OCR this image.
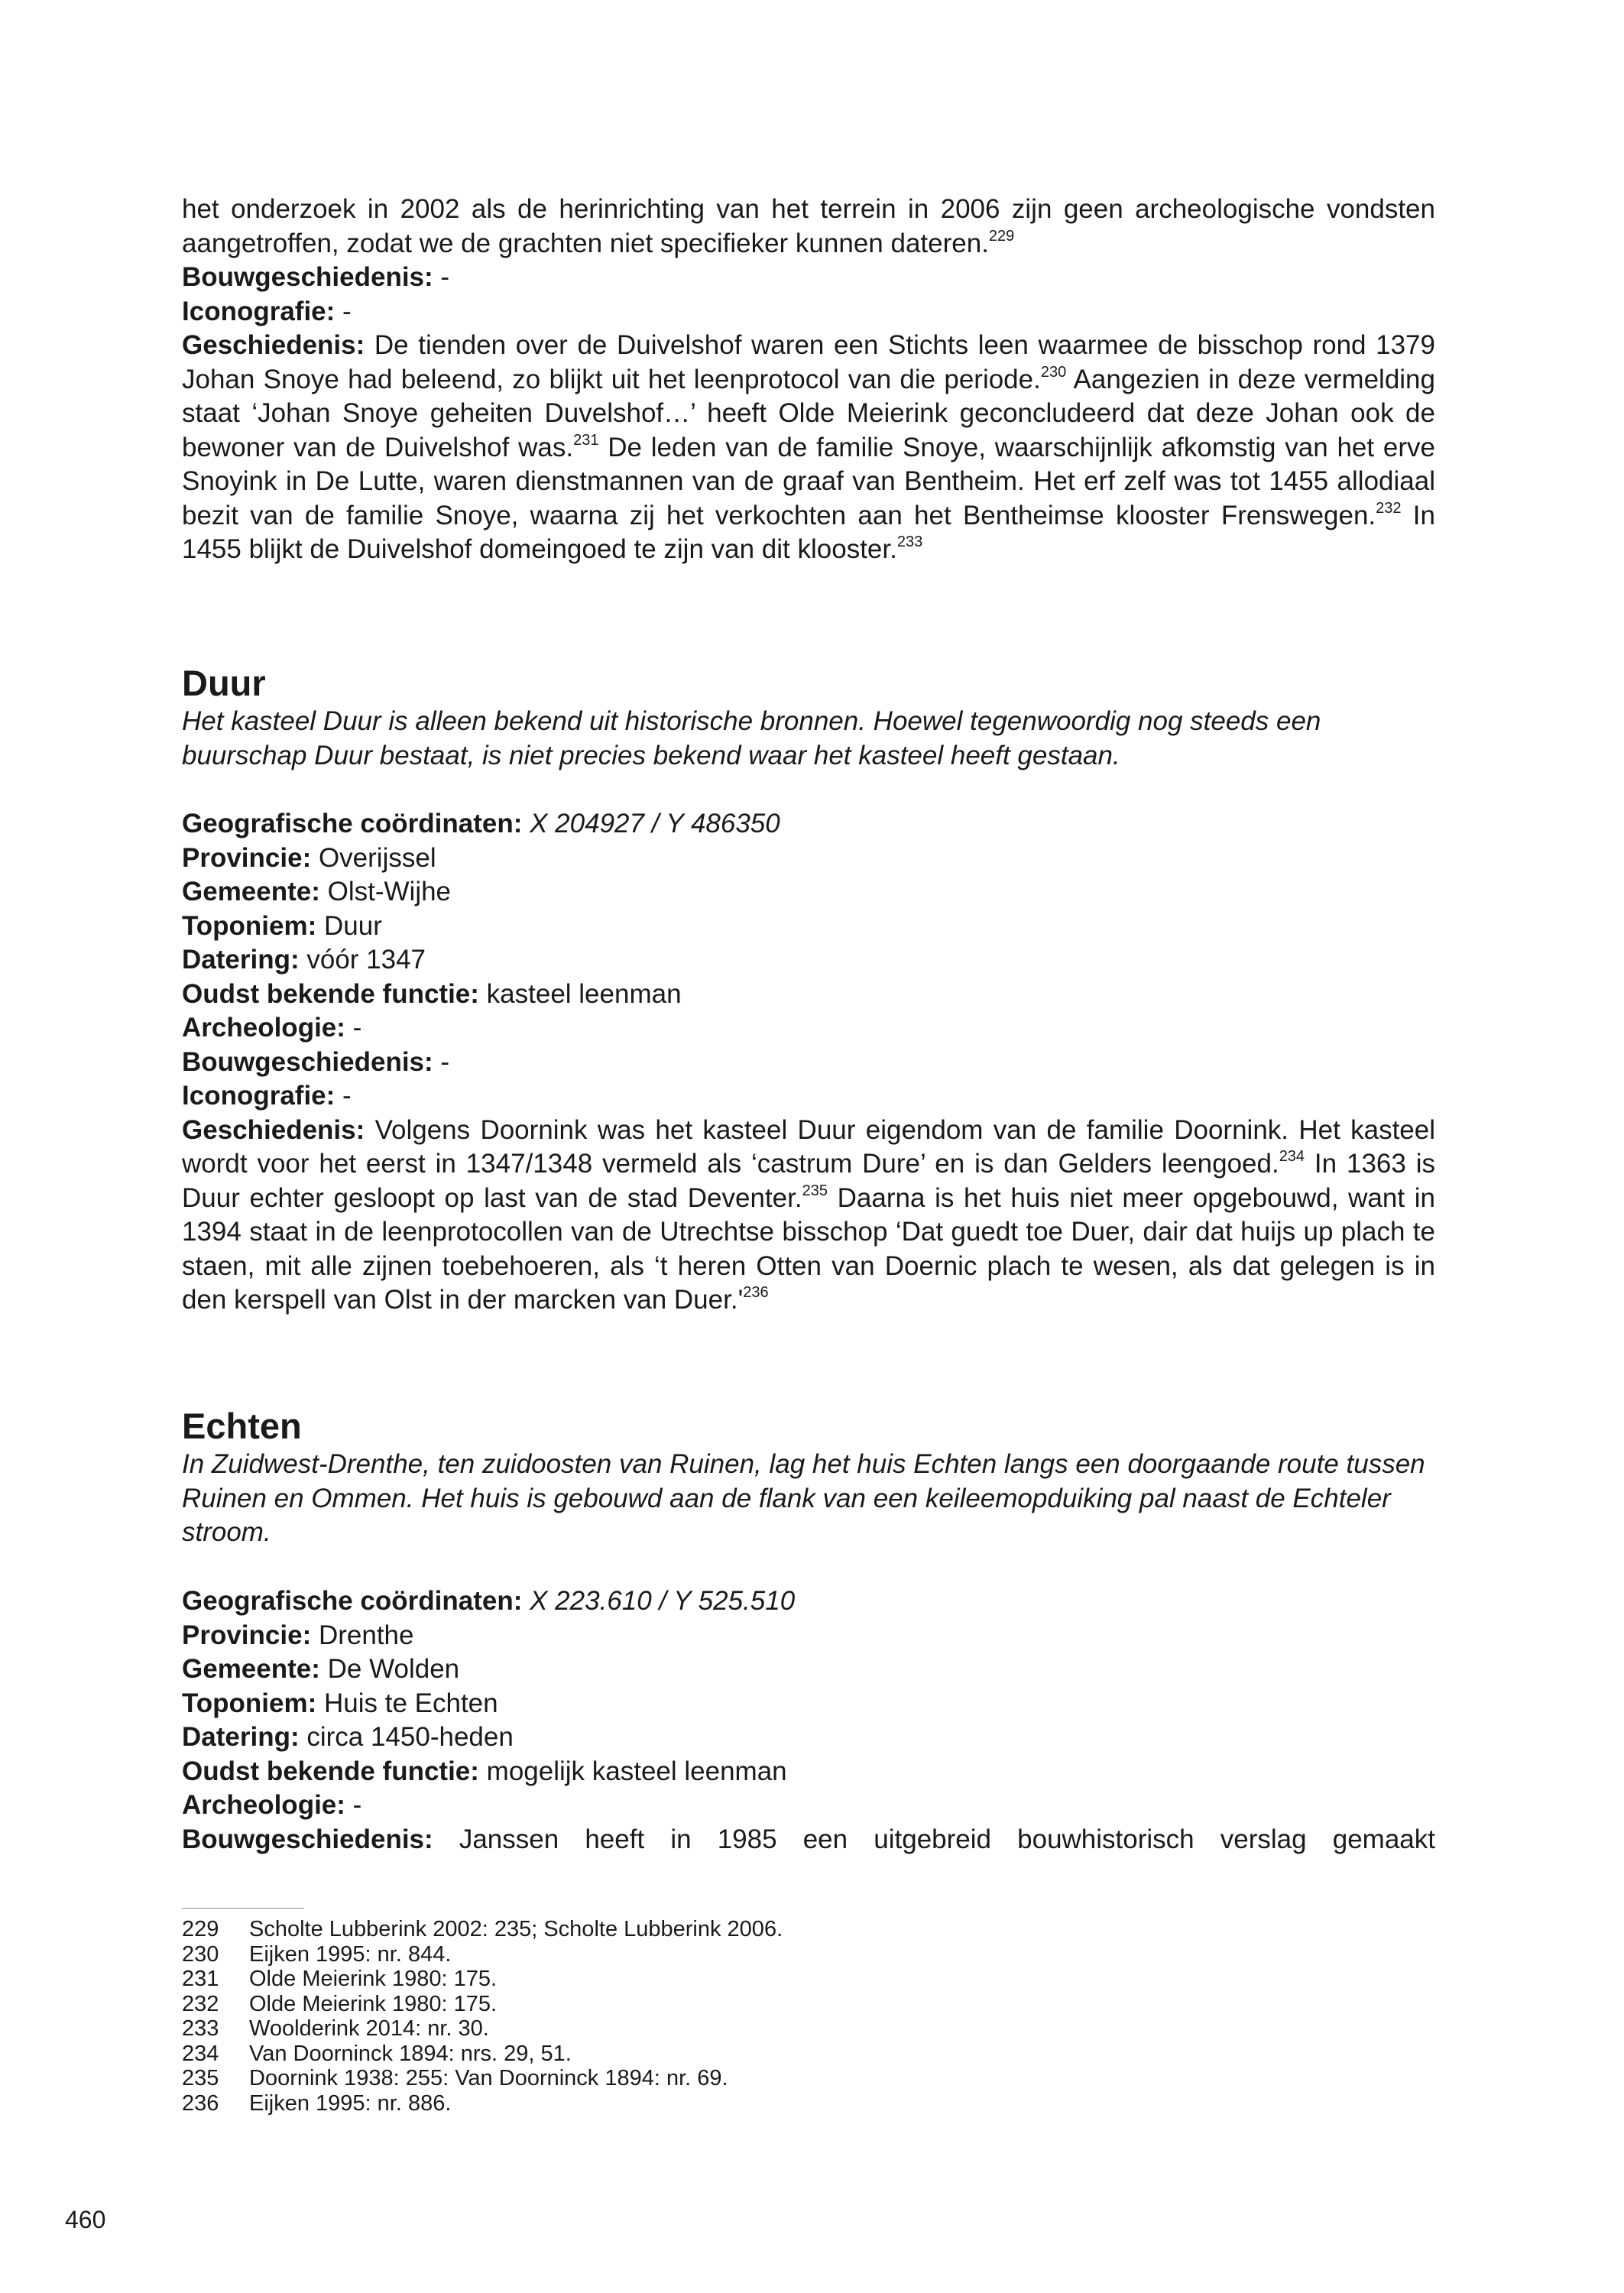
het onderzoek in 2002 als de herinrichting van het terrein in 2006 zijn geen archeologische vondsten aangetroffen, zodat we de grachten niet specifieker kunnen dateren.$^{229}$

Bouwgeschiedenis: -

Iconografie: -

Geschiedenis: De tienden over de Duivelshof waren een Stichts leen waarmee de bisschop rond 1379 Johan Snoye had beleend, zo blijkt uit het leenprotocol van die periode.$^{230}$ Aangezien in deze vermelding staat ‘Johan Snoye geheiten Duvelshof…’ heeft Olde Meierink geconcludeerd dat deze Johan ook de bewoner van de Duivelshof was.$^{231}$ De leden van de familie Snoye, waarschijnlijk afkomstig van het erve Snoyink in De Lutte, waren dienstmannen van de graaf van Bentheim. Het erf zelf was tot 1455 allodiaal bezit van de familie Snoye, waarna zij het verkochten aan het Bentheimse klooster Frenswegen.$^{232}$ In 1455 blijkt de Duivelshof domeingoed te zijn van dit klooster.$^{233}$

Duur

Het kasteel Duur is alleen bekend uit historische bronnen. Hoewel tegenwoordig nog steeds een buurschap Duur bestaat, is niet precies bekend waar het kasteel heeft gestaan.

Geografische coördinaten: X 204927 / Y 486350

Provincie: Overijssel

Gemeente: Olst-Wijhe

Toponiem: Duur

Datering: vóór 1347

Oudst bekende functie: kasteel leenman

Archeologie: -

Bouwgeschiedenis: -

Iconografie: -

Geschiedenis: Volgens Doornink was het kasteel Duur eigendom van de familie Doornink. Het kasteel wordt voor het eerst in 1347/1348 vermeld als ‘castrum Dure’ en is dan Gelders leengoed.$^{234}$ In 1363 is Duur echter gesloopt op last van de stad Deventer.$^{235}$ Daarna is het huis niet meer opgebouwd, want in 1394 staat in de leenprotocollen van de Utrechtse bisschop ‘Dat guedt toe Duer, dair dat huijs up plach te staen, mit alle zijnen toebehoeren, als ‘t heren Otten van Doernic plach te wesen, als dat gelegen is in den kerspell van Olst in der marcken van $Duer.'^{236}$

Echten

In Zuidwest-Drenthe, ten zuidoosten van Ruinen, lag het huis Echten langs een doorgaande route tussen Ruinen en Ommen. Het huis is gebouwd aan de flank van een keileemopduiking pal naast de Echteler stroom.

Geografische coördinaten: X 223.610 / Y 525.510

Provincie: Drenthe

Gemeente: De Wolden

Toponiem: Huis te Echten

Datering: circa 1450-heden

Oudst bekende functie: mogelijk kasteel leenman

Archeologie: -

Bouwgeschiedenis: Janssen heeft in 1985 een uitgebreid bouwhistorisch verslag gemaakt

229	Scholte Lubberink 2002: 235; Scholte Lubberink 2006.
230	Eijken 1995: nr. 844.
231	Olde Meierink 1980: 175.
232	Olde Meierink 1980: 175.
233	Woolderink 2014: nr. 30.
234	Van Doorninck 1894: nrs. 29, 51.
235	Doornink 1938: 255: Van Doorninck 1894: nr. 69.
236	Eijken 1995: nr. 886.
460
